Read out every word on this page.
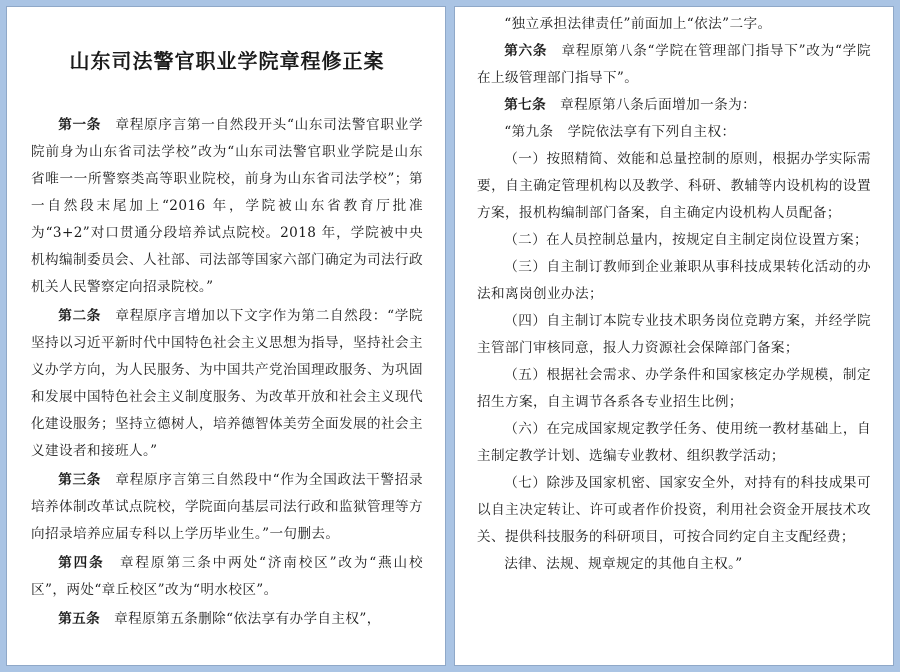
山东司法警官职业学院章程修正案

第一条　 章程原序言第一自然段开头“山东司法警官职业学院前身为山东省司法学校”改为“山东司法警官职业学院是山东省唯一一所警察类高等职业院校，前身为山东省司法学校”；第一自然段末尾加上“2016 年，学院被山东省教育厅批准为“3+2”对口贯通分段培养试点院校。2018 年，学院被中央机构编制委员会、人社部、司法部等国家六部门确定为司法行政机关人民警察定向招录院校。”

第二条　 章程原序言增加以下文字作为第二自然段：“学院坚持以习近平新时代中国特色社会主义思想为指导，坚持社会主义办学方向，为人民服务、为中国共产党治国理政服务、为巩固和发展中国特色社会主义制度服务、为改革开放和社会主义现代化建设服务；坚持立德树人，培养德智体美劳全面发展的社会主义建设者和接班人。”

第三条　 章程原序言第三自然段中“作为全国政法干警招录培养体制改革试点院校，学院面向基层司法行政和监狱管理等方向招录培养应届专科以上学历毕业生。”一句删去。

第四条　 章程原第三条中两处“济南校区”改为“燕山校区”，两处“章丘校区”改为“明水校区”。

第五条　 章程原第五条删除“依法享有办学自主权”，

“独立承担法律责任”前面加上“依法”二字。

第六条　 章程原第八条“学院在管理部门指导下”改为“学院在上级管理部门指导下”。

第七条　 章程原第八条后面增加一条为：

“第九条　学院依法享有下列自主权：

（一）按照精简、效能和总量控制的原则，根据办学实际需要，自主确定管理机构以及教学、科研、教辅等内设机构的设置方案，报机构编制部门备案，自主确定内设机构人员配备；

（二）在人员控制总量内，按规定自主制定岗位设置方案；

（三）自主制订教师到企业兼职从事科技成果转化活动的办法和离岗创业办法；

（四）自主制订本院专业技术职务岗位竞聘方案，并经学院主管部门审核同意，报人力资源社会保障部门备案；

（五）根据社会需求、办学条件和国家核定办学规模，制定招生方案，自主调节各系各专业招生比例；

（六）在完成国家规定教学任务、使用统一教材基础上，自主制定教学计划、选编专业教材、组织教学活动；

（七）除涉及国家机密、国家安全外，对持有的科技成果可以自主决定转让、许可或者作价投资，利用社会资金开展技术攻关、提供科技服务的科研项目，可按合同约定自主支配经费；

法律、法规、规章规定的其他自主权。”
